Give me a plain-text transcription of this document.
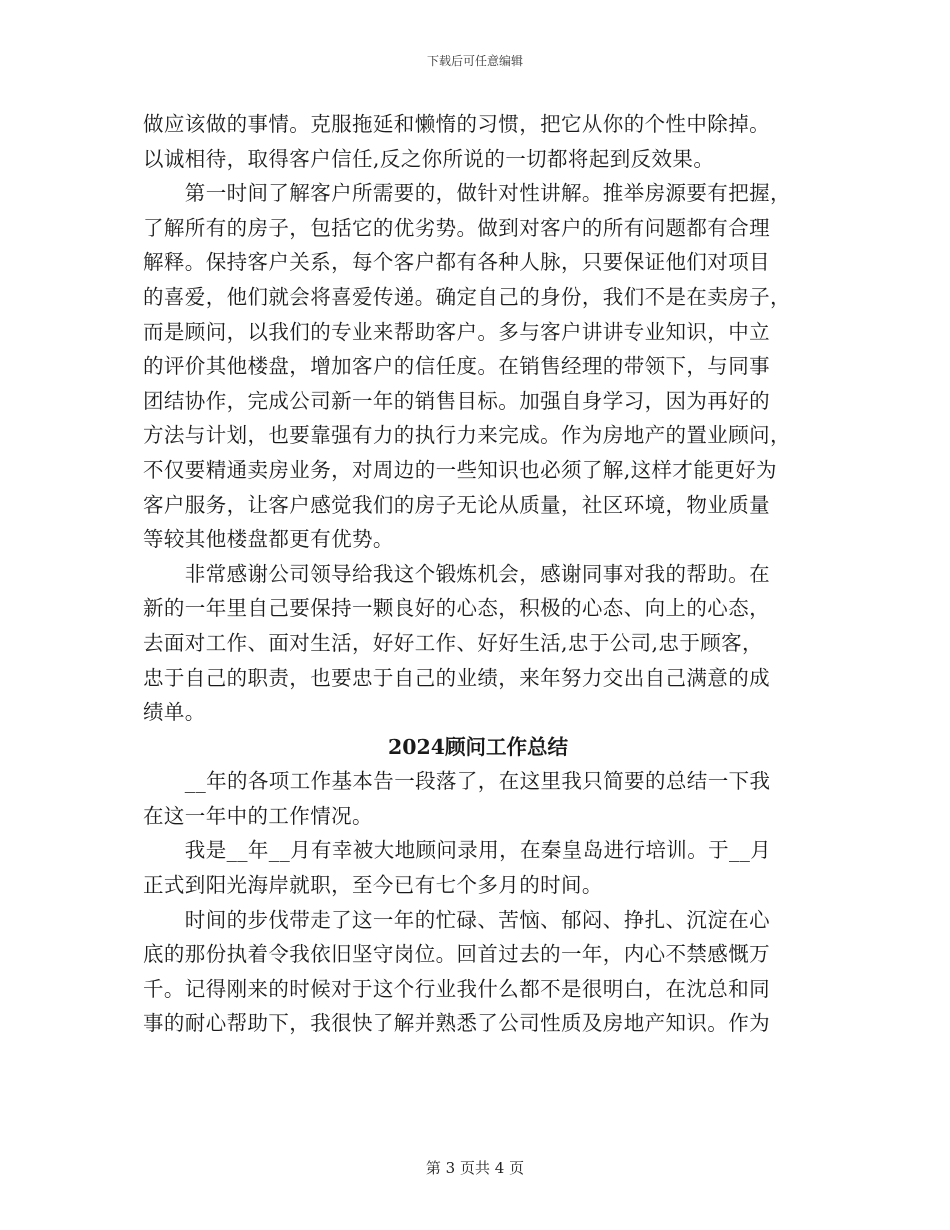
下载后可任意编辑
做应该做的事情。克服拖延和懒惰的习惯，把它从你的个性中除掉。
以诚相待，取得客户信任,反之你所说的一切都将起到反效果。
　　第一时间了解客户所需要的，做针对性讲解。推举房源要有把握，
了解所有的房子，包括它的优劣势。做到对客户的所有问题都有合理
解释。保持客户关系，每个客户都有各种人脉，只要保证他们对项目
的喜爱，他们就会将喜爱传递。确定自己的身份，我们不是在卖房子，
而是顾问，以我们的专业来帮助客户。多与客户讲讲专业知识，中立
的评价其他楼盘，增加客户的信任度。在销售经理的带领下，与同事
团结协作，完成公司新一年的销售目标。加强自身学习，因为再好的
方法与计划，也要靠强有力的执行力来完成。作为房地产的置业顾问，
不仅要精通卖房业务，对周边的一些知识也必须了解,这样才能更好为
客户服务，让客户感觉我们的房子无论从质量，社区环境，物业质量
等较其他楼盘都更有优势。
　　非常感谢公司领导给我这个锻炼机会，感谢同事对我的帮助。在
新的一年里自己要保持一颗良好的心态，积极的心态、向上的心态，
去面对工作、面对生活，好好工作、好好生活,忠于公司,忠于顾客，
忠于自己的职责，也要忠于自己的业绩，来年努力交出自己满意的成
绩单。
2024顾问工作总结
　　__年的各项工作基本告一段落了，在这里我只简要的总结一下我
在这一年中的工作情况。
　　我是__年__月有幸被大地顾问录用，在秦皇岛进行培训。于__月
正式到阳光海岸就职，至今已有七个多月的时间。
　　时间的步伐带走了这一年的忙碌、苦恼、郁闷、挣扎、沉淀在心
底的那份执着令我依旧坚守岗位。回首过去的一年，内心不禁感慨万
千。记得刚来的时候对于这个行业我什么都不是很明白，在沈总和同
事的耐心帮助下，我很快了解并熟悉了公司性质及房地产知识。作为
第 3 页共 4 页
